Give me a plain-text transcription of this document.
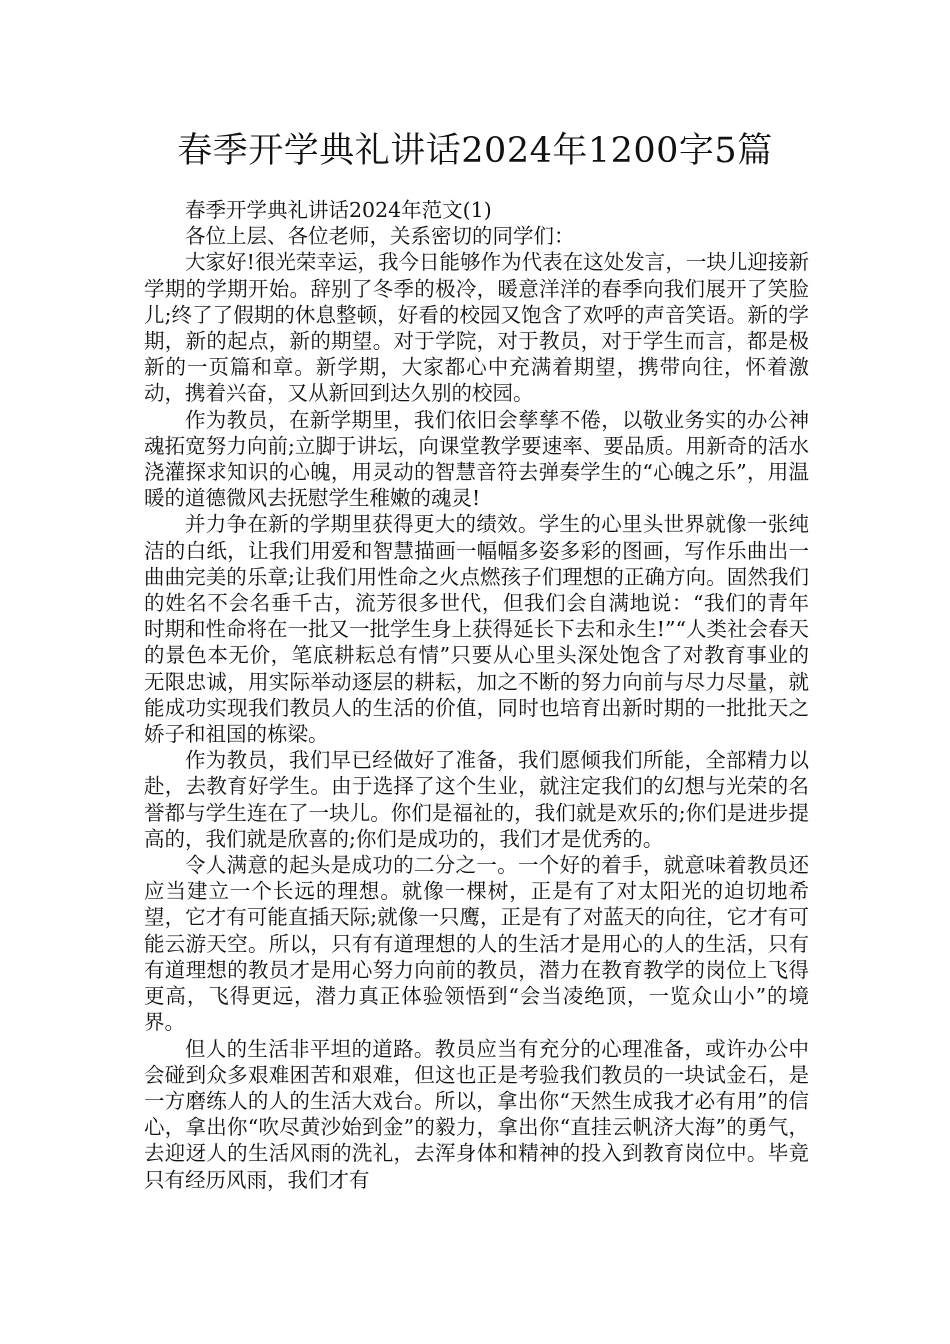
春季开学典礼讲话2024年1200字5篇

春季开学典礼讲话2024年范文(1)

各位上层、各位老师，关系密切的同学们：

大家好!很光荣幸运，我今日能够作为代表在这处发言，一块儿迎接新学期的学期开始。辞别了冬季的极冷，暖意洋洋的春季向我们展开了笑脸儿;终了了假期的休息整顿，好看的校园又饱含了欢呼的声音笑语。新的学期，新的起点，新的期望。对于学院，对于教员，对于学生而言，都是极新的一页篇和章。新学期，大家都心中充满着期望，携带向往，怀着激动，携着兴奋，又从新回到达久别的校园。

作为教员，在新学期里，我们依旧会孳孳不倦，以敬业务实的办公神魂拓宽努力向前;立脚于讲坛，向课堂教学要速率、要品质。用新奇的活水浇灌探求知识的心魄，用灵动的智慧音符去弹奏学生的“心魄之乐”，用温暖的道德微风去抚慰学生稚嫩的魂灵!

并力争在新的学期里获得更大的绩效。学生的心里头世界就像一张纯洁的白纸，让我们用爱和智慧描画一幅幅多姿多彩的图画，写作乐曲出一曲曲完美的乐章;让我们用性命之火点燃孩子们理想的正确方向。固然我们的姓名不会名垂千古，流芳很多世代，但我们会自满地说：“我们的青年时期和性命将在一批又一批学生身上获得延长下去和永生!”“人类社会春天的景色本无价，笔底耕耘总有情”只要从心里头深处饱含了对教育事业的无限忠诚，用实际举动逐层的耕耘，加之不断的努力向前与尽力尽量，就能成功实现我们教员人的生活的价值，同时也培育出新时期的一批批天之娇子和祖国的栋梁。

作为教员，我们早已经做好了准备，我们愿倾我们所能，全部精力以赴，去教育好学生。由于选择了这个生业，就注定我们的幻想与光荣的名誉都与学生连在了一块儿。你们是福祉的，我们就是欢乐的;你们是进步提高的，我们就是欣喜的;你们是成功的，我们才是优秀的。

令人满意的起头是成功的二分之一。一个好的着手，就意味着教员还应当建立一个长远的理想。就像一棵树，正是有了对太阳光的迫切地希望，它才有可能直插天际;就像一只鹰，正是有了对蓝天的向往，它才有可能云游天空。所以，只有有道理想的人的生活才是用心的人的生活，只有有道理想的教员才是用心努力向前的教员，潜力在教育教学的岗位上飞得更高，飞得更远，潜力真正体验领悟到“会当凌绝顶，一览众山小”的境界。

但人的生活非平坦的道路。教员应当有充分的心理准备，或许办公中会碰到众多艰难困苦和艰难，但这也正是考验我们教员的一块试金石，是一方磨练人的人的生活大戏台。所以，拿出你“天然生成我才必有用”的信心，拿出你“吹尽黄沙始到金”的毅力，拿出你“直挂云帆济大海”的勇气，去迎迓人的生活风雨的洗礼，去浑身体和精神的投入到教育岗位中。毕竟只有经历风雨，我们才有
